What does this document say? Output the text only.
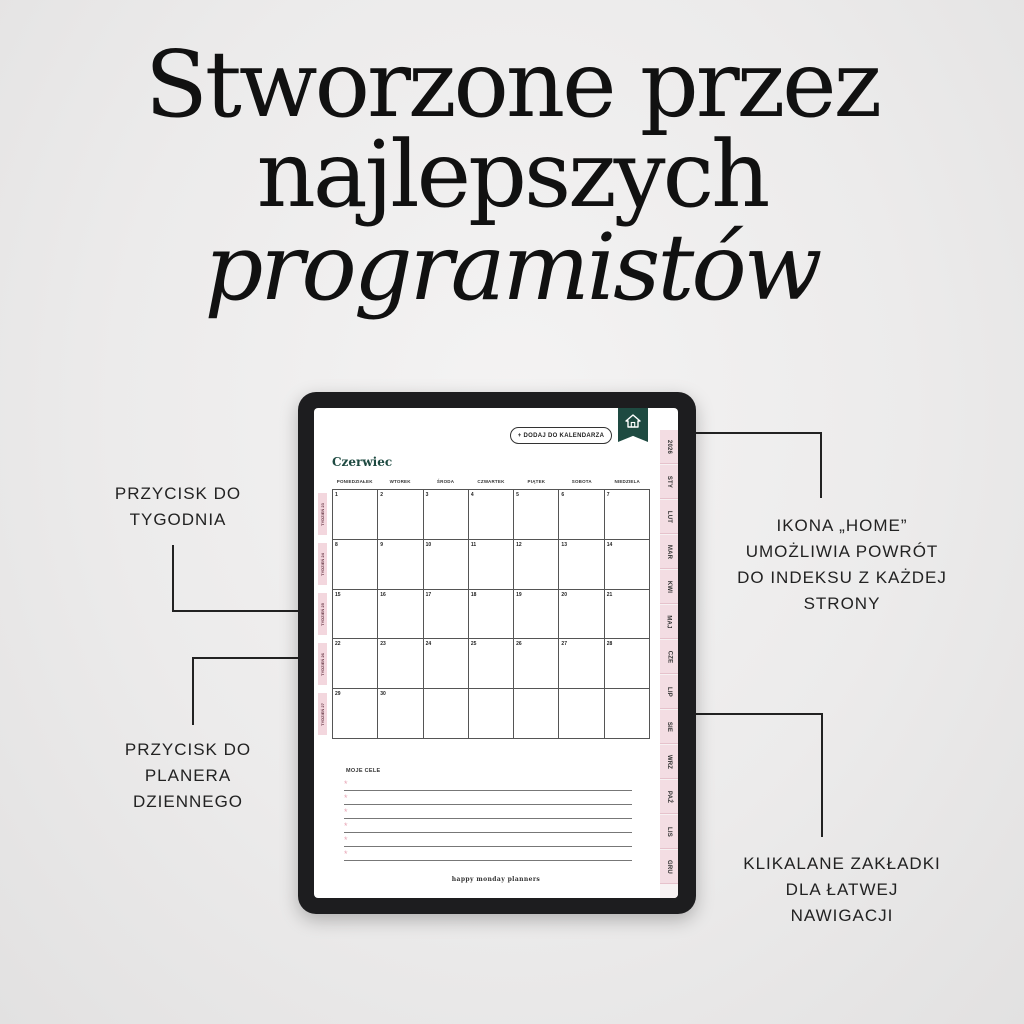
Stworzone przez
najlepszych
programistów
PRZYCISK DO
TYGODNIA
PRZYCISK DO
PLANERA
DZIENNEGO
IKONA „HOME”
UMOŻLIWIA POWRÓT
DO INDEKSU Z KAŻDEJ
STRONY
KLIKALANE ZAKŁADKI
DLA ŁATWEJ
NAWIGACJI
+ DODAJ DO KALENDARZA
Czerwiec
PONIEDZIAŁEK	WTOREK	ŚRODA	CZWARTEK	PIĄTEK	SOBOTA	NIEDZIELA
TYDZIEŃ 23
TYDZIEŃ 24
TYDZIEŃ 25
TYDZIEŃ 26
TYDZIEŃ 27
1	2	3	4	5	6	7
8	9	10	11	12	13	14
15	16	17	18	19	20	21
22	23	24	25	26	27	28
29	30
MOJE CELE
*
*
*
*
*
*
happy monday planners
2026
STY
LUT
MAR
KWI
MAJ
CZE
LIP
SIE
WRZ
PAŹ
LIS
GRU
